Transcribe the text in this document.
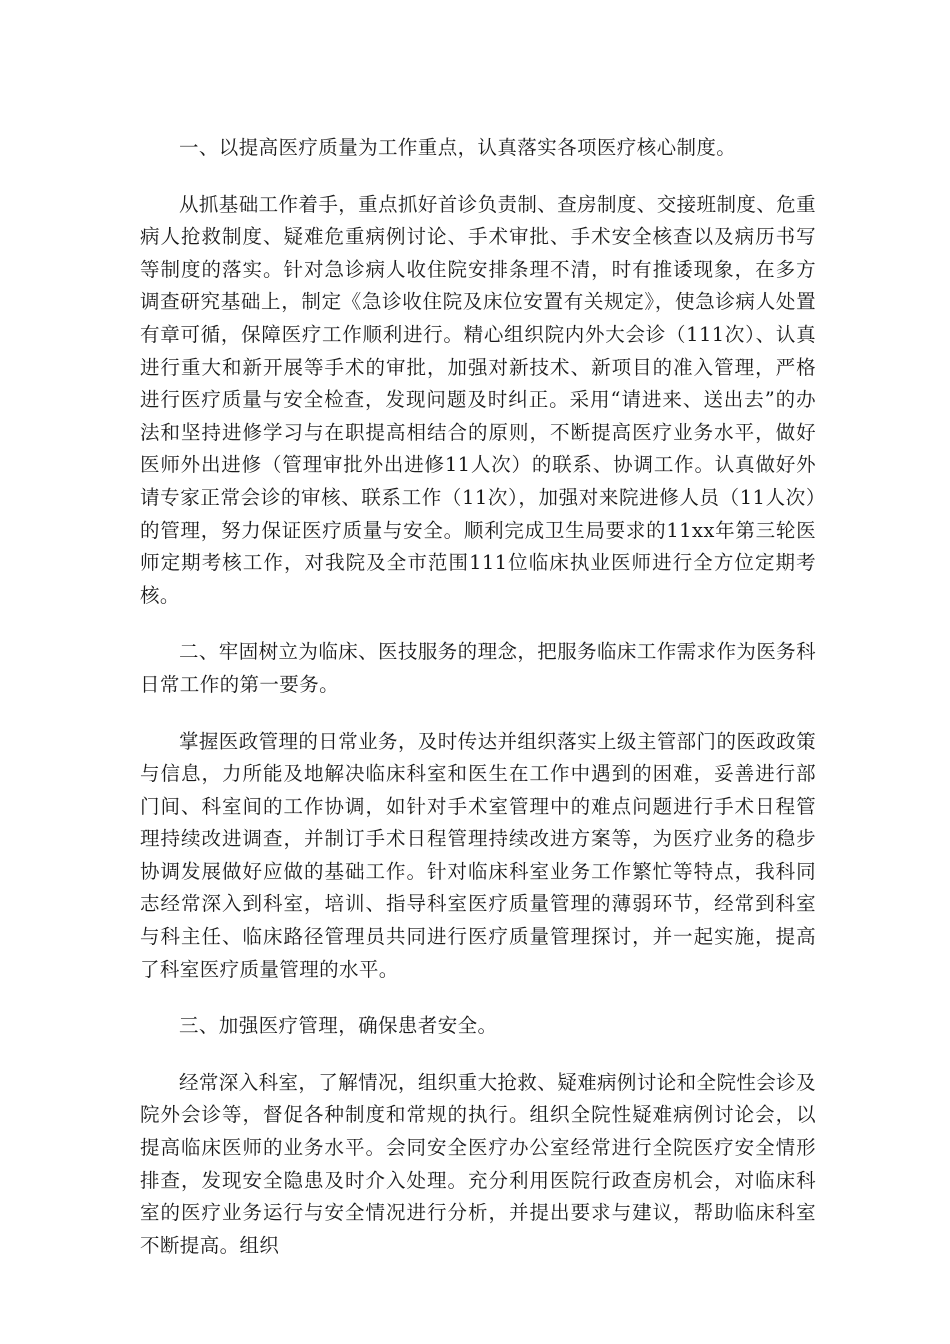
一、以提高医疗质量为工作重点，认真落实各项医疗核心制度。

从抓基础工作着手，重点抓好首诊负责制、查房制度、交接班制度、危重病人抢救制度、疑难危重病例讨论、手术审批、手术安全核查以及病历书写等制度的落实。针对急诊病人收住院安排条理不清，时有推诿现象，在多方调查研究基础上，制定《急诊收住院及床位安置有关规定》，使急诊病人处置有章可循，保障医疗工作顺利进行。精心组织院内外大会诊（111次）、认真进行重大和新开展等手术的审批，加强对新技术、新项目的准入管理，严格进行医疗质量与安全检查，发现问题及时纠正。采用“请进来、送出去”的办法和坚持进修学习与在职提高相结合的原则，不断提高医疗业务水平，做好医师外出进修（管理审批外出进修11人次）的联系、协调工作。认真做好外请专家正常会诊的审核、联系工作（11次），加强对来院进修人员（11人次）的管理，努力保证医疗质量与安全。顺利完成卫生局要求的11xx年第三轮医师定期考核工作，对我院及全市范围111位临床执业医师进行全方位定期考核。

二、牢固树立为临床、医技服务的理念，把服务临床工作需求作为医务科日常工作的第一要务。

掌握医政管理的日常业务，及时传达并组织落实上级主管部门的医政政策与信息，力所能及地解决临床科室和医生在工作中遇到的困难，妥善进行部门间、科室间的工作协调，如针对手术室管理中的难点问题进行手术日程管理持续改进调查，并制订手术日程管理持续改进方案等，为医疗业务的稳步协调发展做好应做的基础工作。针对临床科室业务工作繁忙等特点，我科同志经常深入到科室，培训、指导科室医疗质量管理的薄弱环节，经常到科室与科主任、临床路径管理员共同进行医疗质量管理探讨，并一起实施，提高了科室医疗质量管理的水平。

三、加强医疗管理，确保患者安全。

经常深入科室，了解情况，组织重大抢救、疑难病例讨论和全院性会诊及院外会诊等，督促各种制度和常规的执行。组织全院性疑难病例讨论会，以提高临床医师的业务水平。会同安全医疗办公室经常进行全院医疗安全情形排查，发现安全隐患及时介入处理。充分利用医院行政查房机会，对临床科室的医疗业务运行与安全情况进行分析，并提出要求与建议，帮助临床科室不断提高。组织
